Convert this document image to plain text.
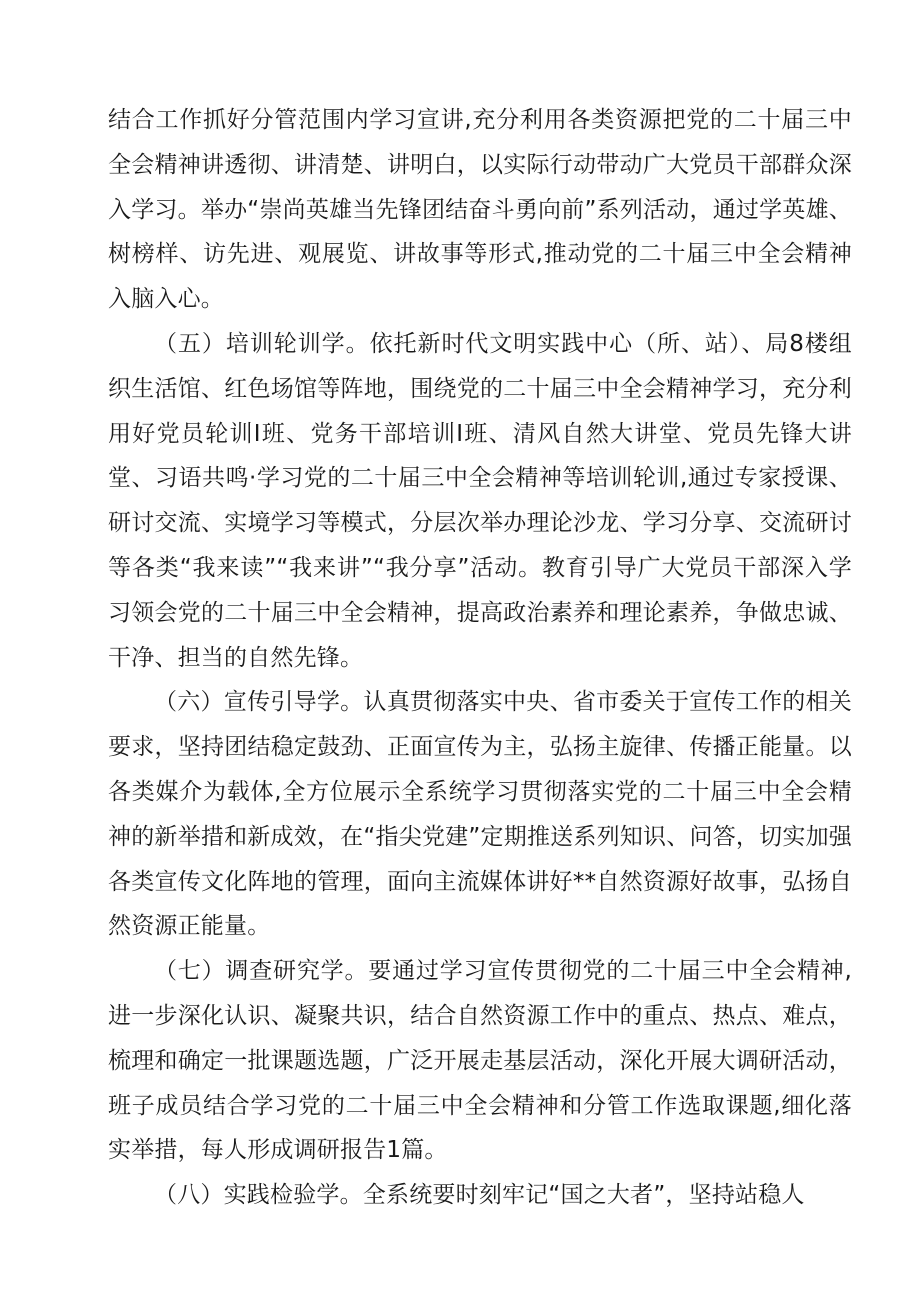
结合工作抓好分管范围内学习宣讲,充分利用各类资源把党的二十届三中全会精神讲透彻、讲清楚、讲明白，以实际行动带动广大党员干部群众深入学习。举办“崇尚英雄当先锋团结奋斗勇向前”系列活动，通过学英雄、树榜样、访先进、观展览、讲故事等形式,推动党的二十届三中全会精神入脑入心。

（五）培训轮训学。依托新时代文明实践中心（所、站）、局8楼组织生活馆、红色场馆等阵地，围绕党的二十届三中全会精神学习，充分利用好党员轮训I班、党务干部培训I班、清风自然大讲堂、党员先锋大讲堂、习语共鸣·学习党的二十届三中全会精神等培训轮训,通过专家授课、研讨交流、实境学习等模式，分层次举办理论沙龙、学习分享、交流研讨等各类“我来读”“我来讲”“我分享”活动。教育引导广大党员干部深入学习领会党的二十届三中全会精神，提高政治素养和理论素养，争做忠诚、干净、担当的自然先锋。

（六）宣传引导学。认真贯彻落实中央、省市委关于宣传工作的相关要求，坚持团结稳定鼓劲、正面宣传为主，弘扬主旋律、传播正能量。以各类媒介为载体,全方位展示全系统学习贯彻落实党的二十届三中全会精神的新举措和新成效，在“指尖党建”定期推送系列知识、问答，切实加强各类宣传文化阵地的管理，面向主流媒体讲好**自然资源好故事，弘扬自然资源正能量。

（七）调查研究学。要通过学习宣传贯彻党的二十届三中全会精神,进一步深化认识、凝聚共识，结合自然资源工作中的重点、热点、难点，梳理和确定一批课题选题，广泛开展走基层活动，深化开展大调研活动，班子成员结合学习党的二十届三中全会精神和分管工作选取课题,细化落实举措，每人形成调研报告1篇。

（八）实践检验学。全系统要时刻牢记“国之大者”，坚持站稳人
